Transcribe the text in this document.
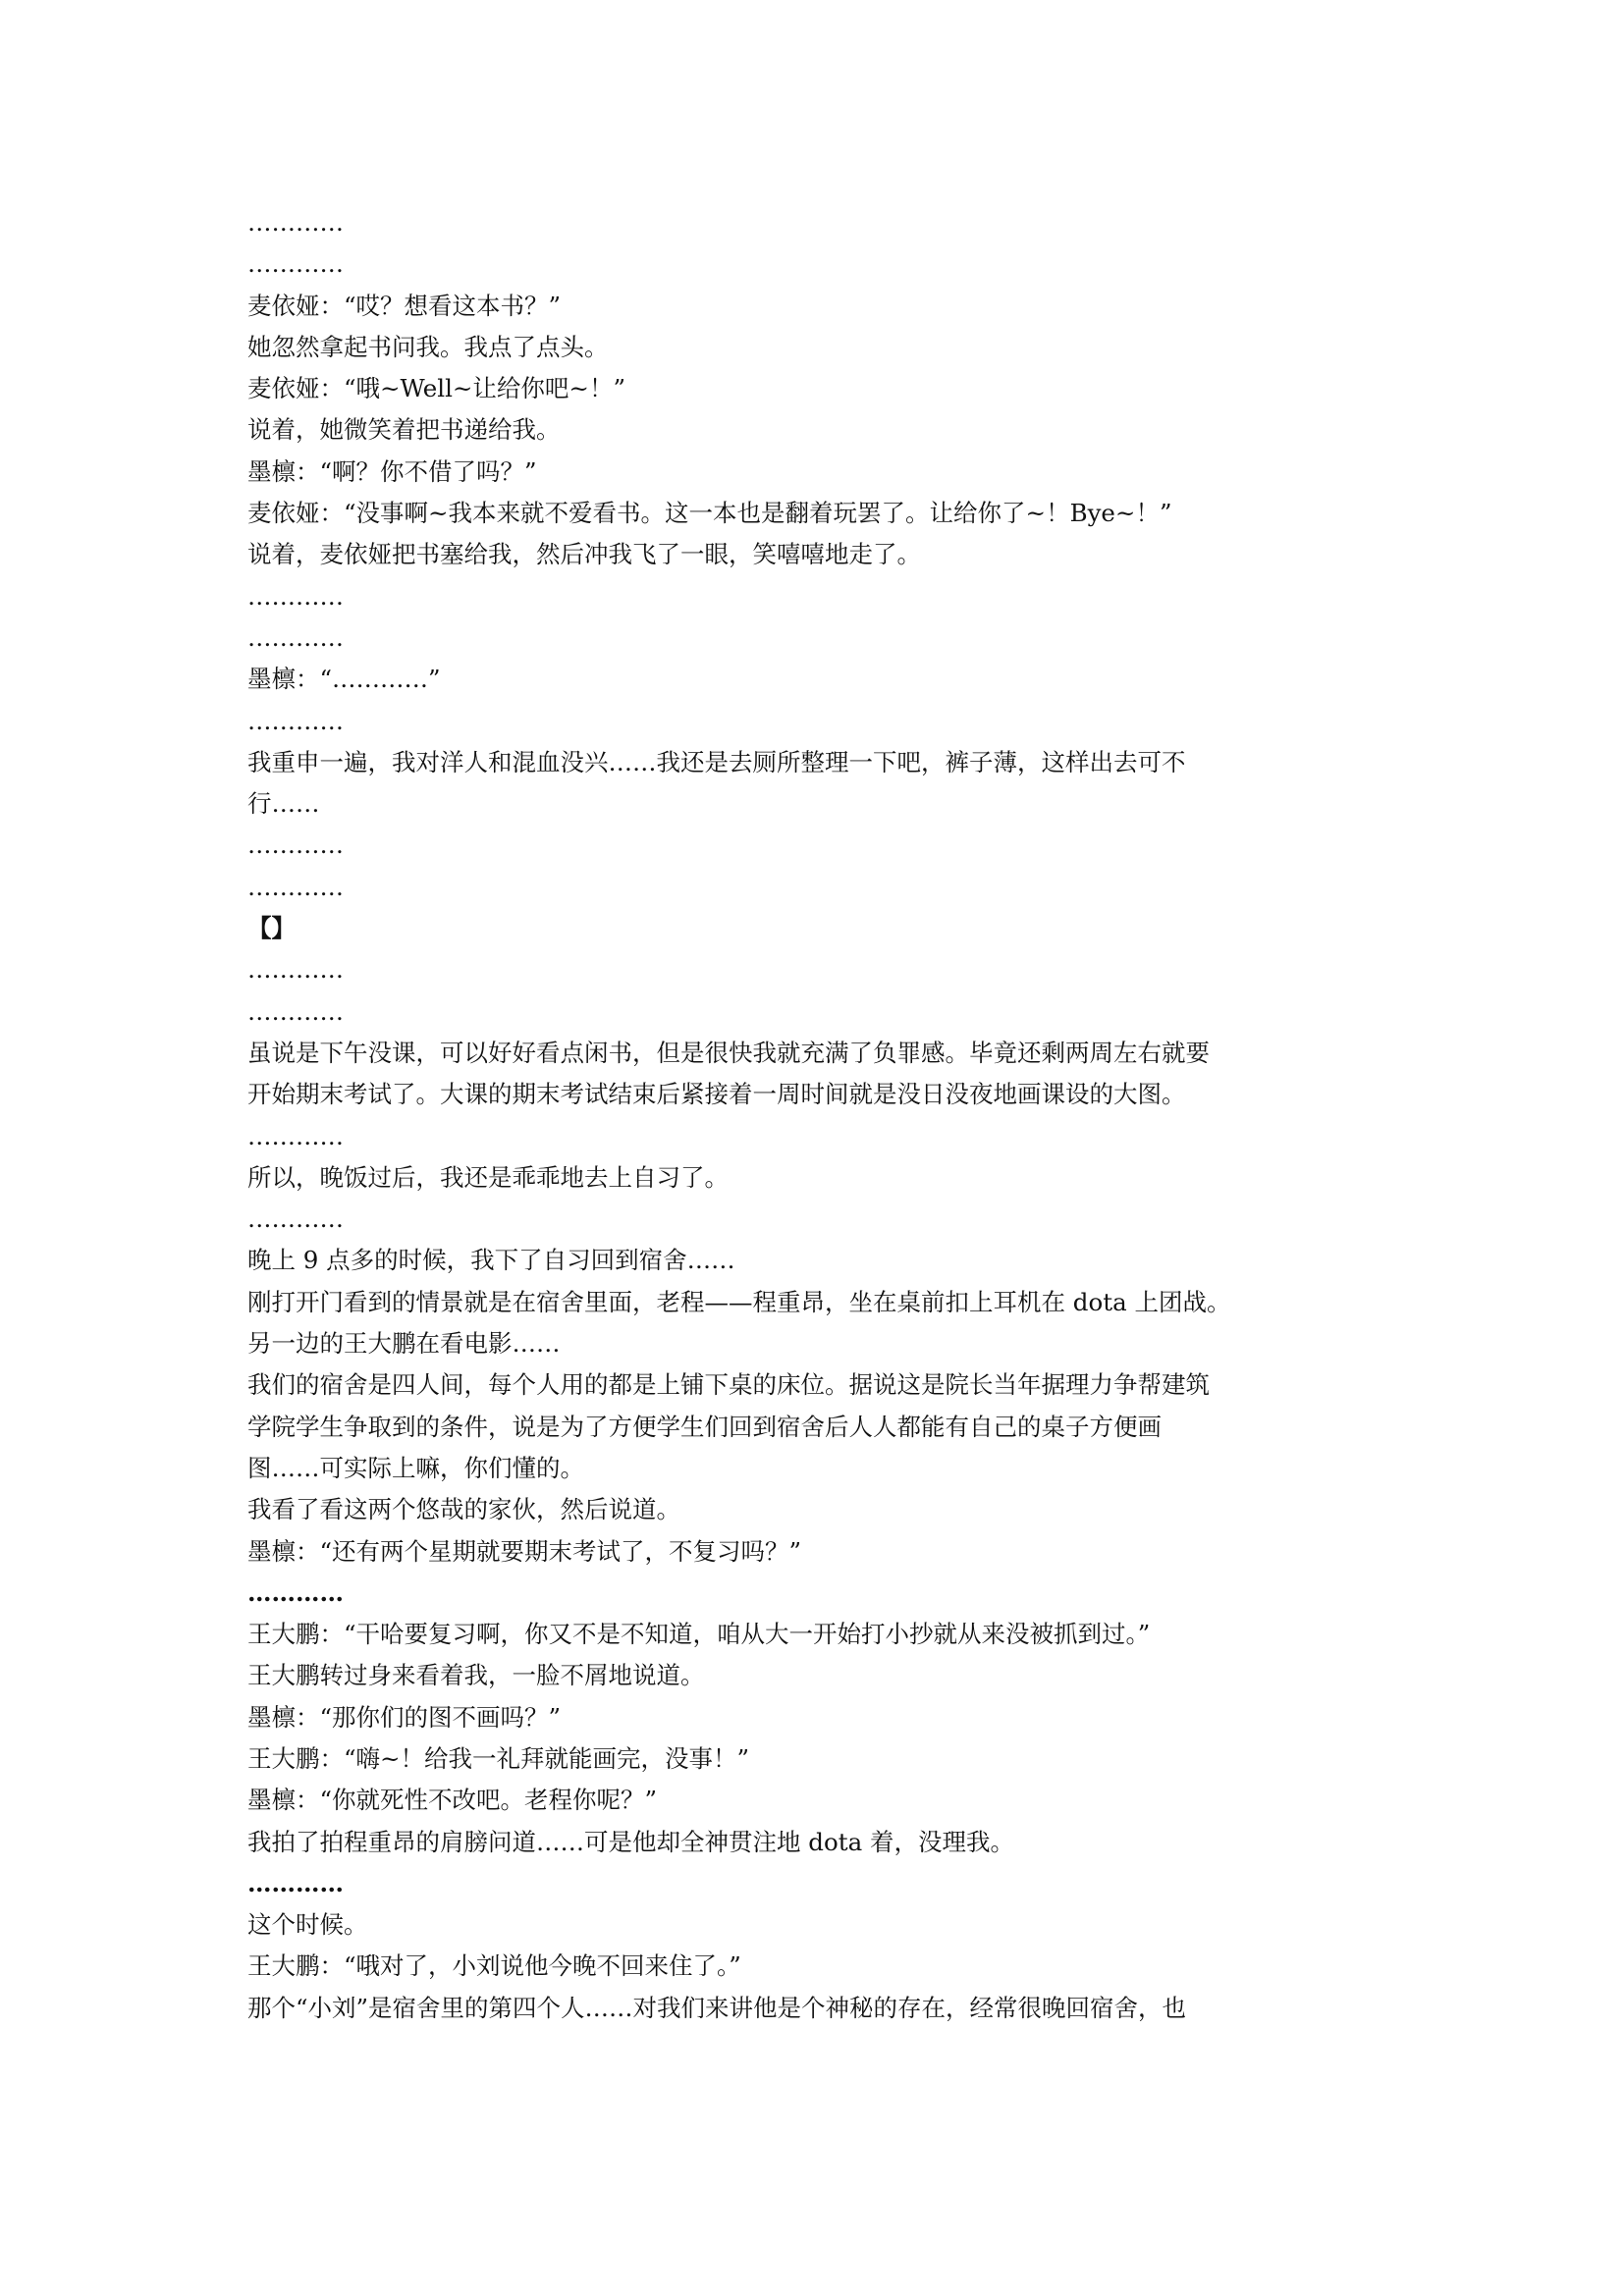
…………
…………
麦依娅：“哎？想看这本书？”
她忽然拿起书问我。我点了点头。
麦依娅：“哦~Well~让给你吧~！”
说着，她微笑着把书递给我。
墨檩：“啊？你不借了吗？”
麦依娅：“没事啊~我本来就不爱看书。这一本也是翻着玩罢了。让给你了~！Bye~！”
说着，麦依娅把书塞给我，然后冲我飞了一眼，笑嘻嘻地走了。
…………
…………
墨檩：“…………”
…………
我重申一遍，我对洋人和混血没兴……我还是去厕所整理一下吧，裤子薄，这样出去可不
行……
…………
…………
【】
…………
…………
虽说是下午没课，可以好好看点闲书，但是很快我就充满了负罪感。毕竟还剩两周左右就要
开始期末考试了。大课的期末考试结束后紧接着一周时间就是没日没夜地画课设的大图。
…………
所以，晚饭过后，我还是乖乖地去上自习了。
…………
晚上 9 点多的时候，我下了自习回到宿舍……
刚打开门看到的情景就是在宿舍里面，老程——程重昂，坐在桌前扣上耳机在 dota 上团战。
另一边的王大鹏在看电影……
我们的宿舍是四人间，每个人用的都是上铺下桌的床位。据说这是院长当年据理力争帮建筑
学院学生争取到的条件，说是为了方便学生们回到宿舍后人人都能有自己的桌子方便画
图……可实际上嘛，你们懂的。
我看了看这两个悠哉的家伙，然后说道。
墨檩：“还有两个星期就要期末考试了，不复习吗？”
…………
王大鹏：“干哈要复习啊，你又不是不知道，咱从大一开始打小抄就从来没被抓到过。”
王大鹏转过身来看着我，一脸不屑地说道。
墨檩：“那你们的图不画吗？”
王大鹏：“嗨~！给我一礼拜就能画完，没事！”
墨檩：“你就死性不改吧。老程你呢？”
我拍了拍程重昂的肩膀问道……可是他却全神贯注地 dota 着，没理我。
…………
这个时候。
王大鹏：“哦对了，小刘说他今晚不回来住了。”
那个“小刘”是宿舍里的第四个人……对我们来讲他是个神秘的存在，经常很晚回宿舍，也
